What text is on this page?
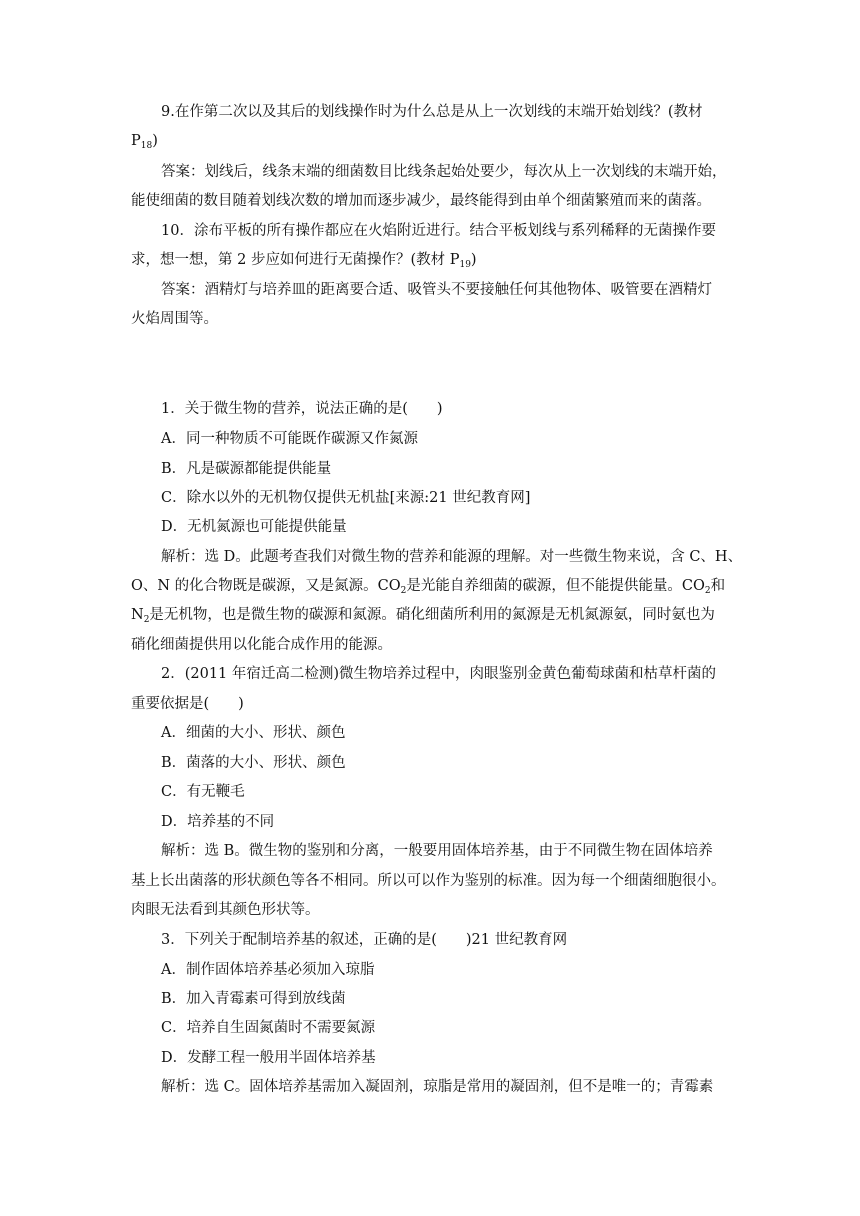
9.在作第二次以及其后的划线操作时为什么总是从上一次划线的末端开始划线？(教材
$P_{18}$)
答案：划线后，线条末端的细菌数目比线条起始处要少，每次从上一次划线的末端开始，
能使细菌的数目随着划线次数的增加而逐步减少，最终能得到由单个细菌繁殖而来的菌落。
10．涂布平板的所有操作都应在火焰附近进行。结合平板划线与系列稀释的无菌操作要
求，想一想，第 2 步应如何进行无菌操作？(教材 $P_{19}$)
答案：酒精灯与培养皿的距离要合适、吸管头不要接触任何其他物体、吸管要在酒精灯
火焰周围等。
1．关于微生物的营养，说法正确的是(　　)
A．同一种物质不可能既作碳源又作氮源
B．凡是碳源都能提供能量
C．除水以外的无机物仅提供无机盐[来源:21 世纪教育网]
D．无机氮源也可能提供能量
解析：选 D。此题考查我们对微生物的营养和能源的理解。对一些微生物来说，含 C、H、
O、N 的化合物既是碳源，又是氮源。$CO_2$是光能自养细菌的碳源，但不能提供能量。$CO_2$和
$N_2$是无机物，也是微生物的碳源和氮源。硝化细菌所利用的氮源是无机氮源氨，同时氨也为
硝化细菌提供用以化能合成作用的能源。
2．(2011 年宿迁高二检测)微生物培养过程中，肉眼鉴别金黄色葡萄球菌和枯草杆菌的
重要依据是(　　)
A．细菌的大小、形状、颜色
B．菌落的大小、形状、颜色
C．有无鞭毛
D．培养基的不同
解析：选 B。微生物的鉴别和分离，一般要用固体培养基，由于不同微生物在固体培养
基上长出菌落的形状颜色等各不相同。所以可以作为鉴别的标准。因为每一个细菌细胞很小。
肉眼无法看到其颜色形状等。
3．下列关于配制培养基的叙述，正确的是(　　)21 世纪教育网
A．制作固体培养基必须加入琼脂
B．加入青霉素可得到放线菌
C．培养自生固氮菌时不需要氮源
D．发酵工程一般用半固体培养基
解析：选 C。固体培养基需加入凝固剂，琼脂是常用的凝固剂，但不是唯一的；青霉素
